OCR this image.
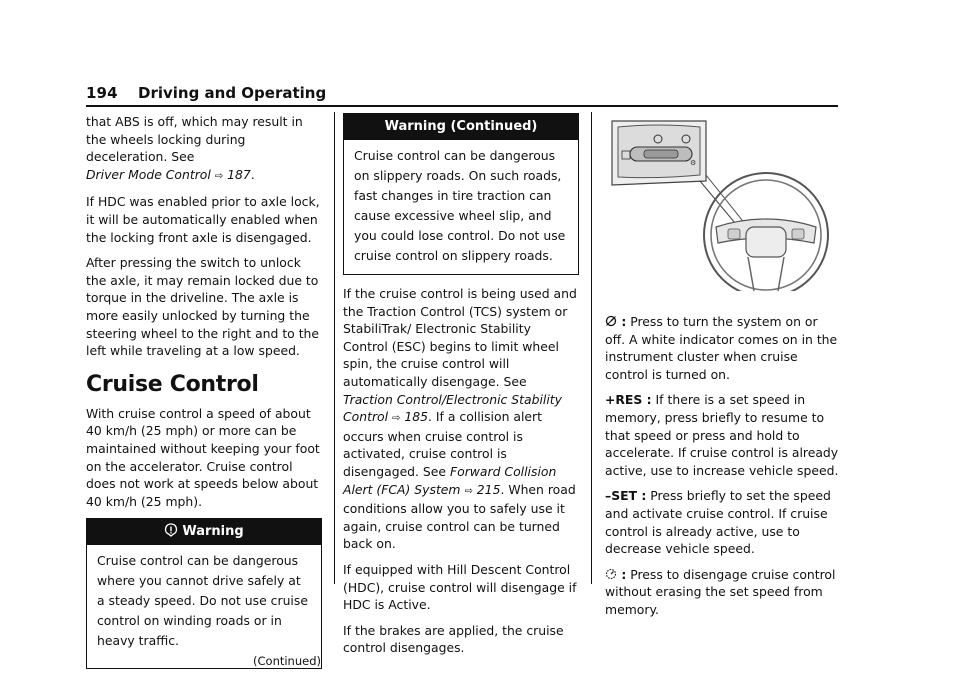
194 Driving and Operating

that ABS is off, which may result in the wheels locking during deceleration. See
Driver Mode Control ⇨ 187.

If HDC was enabled prior to axle lock, it will be automatically enabled when the locking front axle is disengaged.

After pressing the switch to unlock the axle, it may remain locked due to torque in the driveline. The axle is more easily unlocked by turning the steering wheel to the right and to the left while traveling at a low speed.

Cruise Control

With cruise control a speed of about 40 km/h (25 mph) or more can be maintained without keeping your foot on the accelerator. Cruise control does not work at speeds below about 40 km/h (25 mph).

Warning
Cruise control can be dangerous where you cannot drive safely at a steady speed. Do not use cruise control on winding roads or in heavy traffic.
(Continued)
Warning (Continued)
Cruise control can be dangerous on slippery roads. On such roads, fast changes in tire traction can cause excessive wheel slip, and you could lose control. Do not use cruise control on slippery roads.

If the cruise control is being used and the Traction Control (TCS) system or StabiliTrak/ Electronic Stability Control (ESC) begins to limit wheel spin, the cruise control will automatically disengage. See Traction Control/Electronic Stability Control ⇨ 185. If a collision alert occurs when cruise control is activated, cruise control is disengaged. See Forward Collision Alert (FCA) System ⇨ 215. When road conditions allow you to safely use it again, cruise control can be turned back on.

If equipped with Hill Descent Control (HDC), cruise control will disengage if HDC is Active.

If the brakes are applied, the cruise control disengages.

⚙

: Press to turn the system on or off. A white indicator comes on in the instrument cluster when cruise control is turned on.

+RES : If there is a set speed in memory, press briefly to resume to that speed or press and hold to accelerate. If cruise control is already active, use to increase vehicle speed.

–SET : Press briefly to set the speed and activate cruise control. If cruise control is already active, use to decrease vehicle speed.

: Press to disengage cruise control without erasing the set speed from memory.
